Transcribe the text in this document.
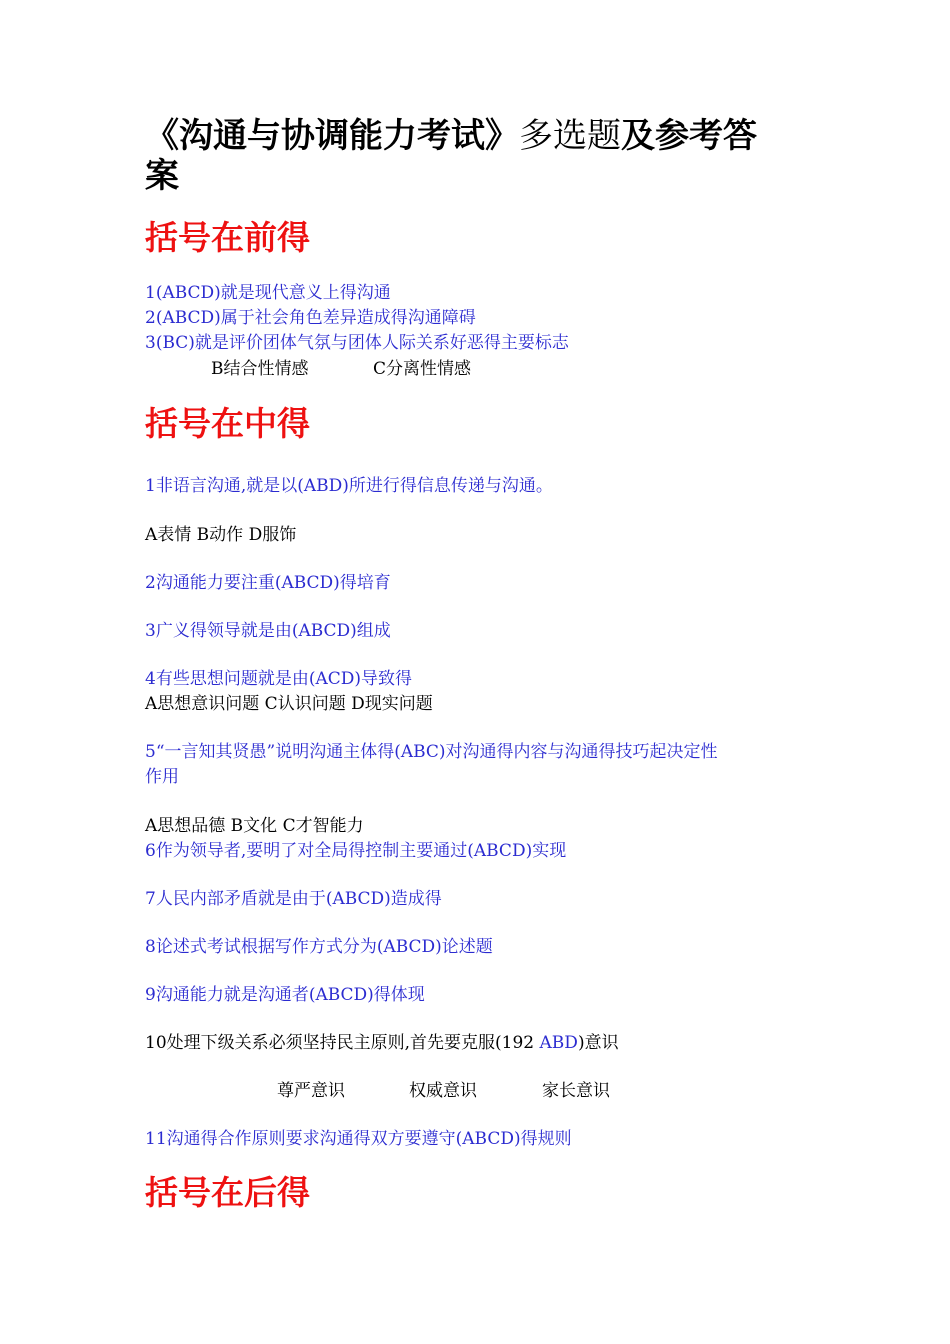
《沟通与协调能力考试》多选题及参考答
案
括号在前得
1(ABCD)就是现代意义上得沟通
2(ABCD)属于社会角色差异造成得沟通障碍
3(BC)就是评价团体气氛与团体人际关系好恶得主要标志
B结合性情感	C分离性情感
括号在中得
1非语言沟通,就是以(ABD)所进行得信息传递与沟通。
A表情 B动作 D服饰
2沟通能力要注重(ABCD)得培育
3广义得领导就是由(ABCD)组成
4有些思想问题就是由(ACD)导致得
A思想意识问题 C认识问题 D现实问题
5“一言知其贤愚”说明沟通主体得(ABC)对沟通得内容与沟通得技巧起决定性
作用
A思想品德 B文化 C才智能力
6作为领导者,要明了对全局得控制主要通过(ABCD)实现
7人民内部矛盾就是由于(ABCD)造成得
8论述式考试根据写作方式分为(ABCD)论述题
9沟通能力就是沟通者(ABCD)得体现
10处理下级关系必须坚持民主原则,首先要克服(192 ABD)意识
尊严意识	权威意识	家长意识
11沟通得合作原则要求沟通得双方要遵守(ABCD)得规则
括号在后得
